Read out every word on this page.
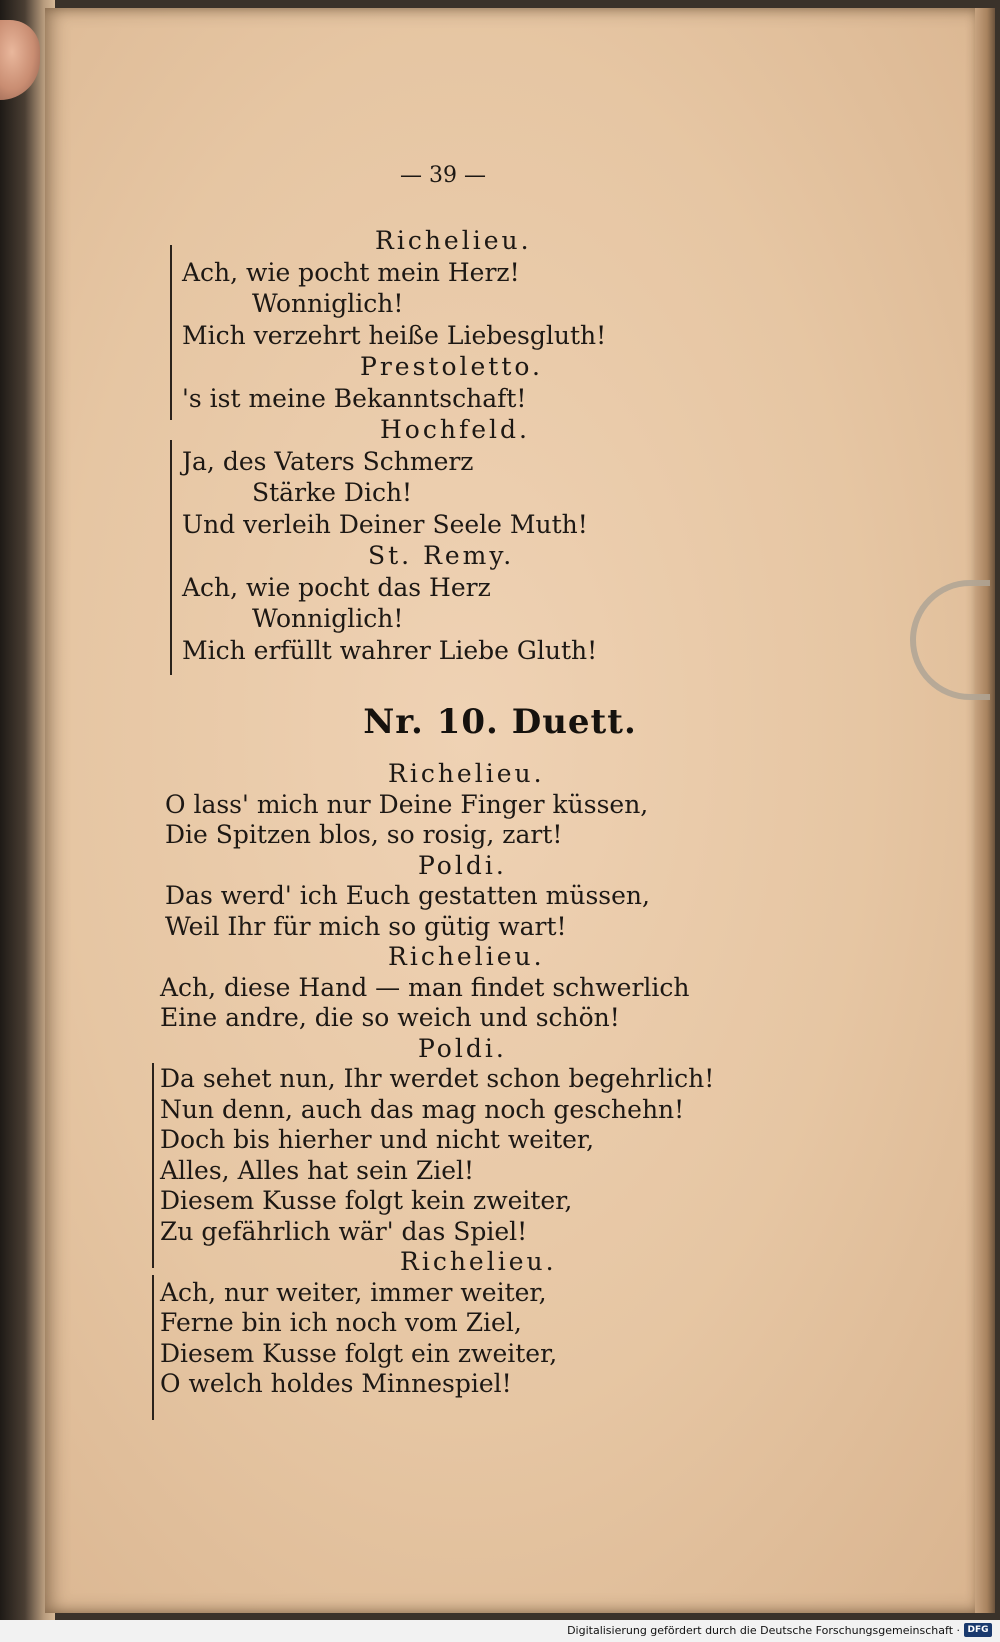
— 39 —
Richelieu.
Ach, wie pocht mein Herz!
Wonniglich!
Mich verzehrt heiße Liebesgluth!
Prestoletto.
's ist meine Bekanntschaft!
Hochfeld.
Ja, des Vaters Schmerz
Stärke Dich!
Und verleih Deiner Seele Muth!
St. Remy.
Ach, wie pocht das Herz
Wonniglich!
Mich erfüllt wahrer Liebe Gluth!
Nr. 10. Duett.
Richelieu.
O lass' mich nur Deine Finger küssen,
Die Spitzen blos, so rosig, zart!
Poldi.
Das werd' ich Euch gestatten müssen,
Weil Ihr für mich so gütig wart!
Richelieu.
Ach, diese Hand — man findet schwerlich
Eine andre, die so weich und schön!
Poldi.
Da sehet nun, Ihr werdet schon begehrlich!
Nun denn, auch das mag noch geschehn!
Doch bis hierher und nicht weiter,
Alles, Alles hat sein Ziel!
Diesem Kusse folgt kein zweiter,
Zu gefährlich wär' das Spiel!
Richelieu.
Ach, nur weiter, immer weiter,
Ferne bin ich noch vom Ziel,
Diesem Kusse folgt ein zweiter,
O welch holdes Minnespiel!
Digitalisierung gefördert durch die Deutsche Forschungsgemeinschaft · DFG
